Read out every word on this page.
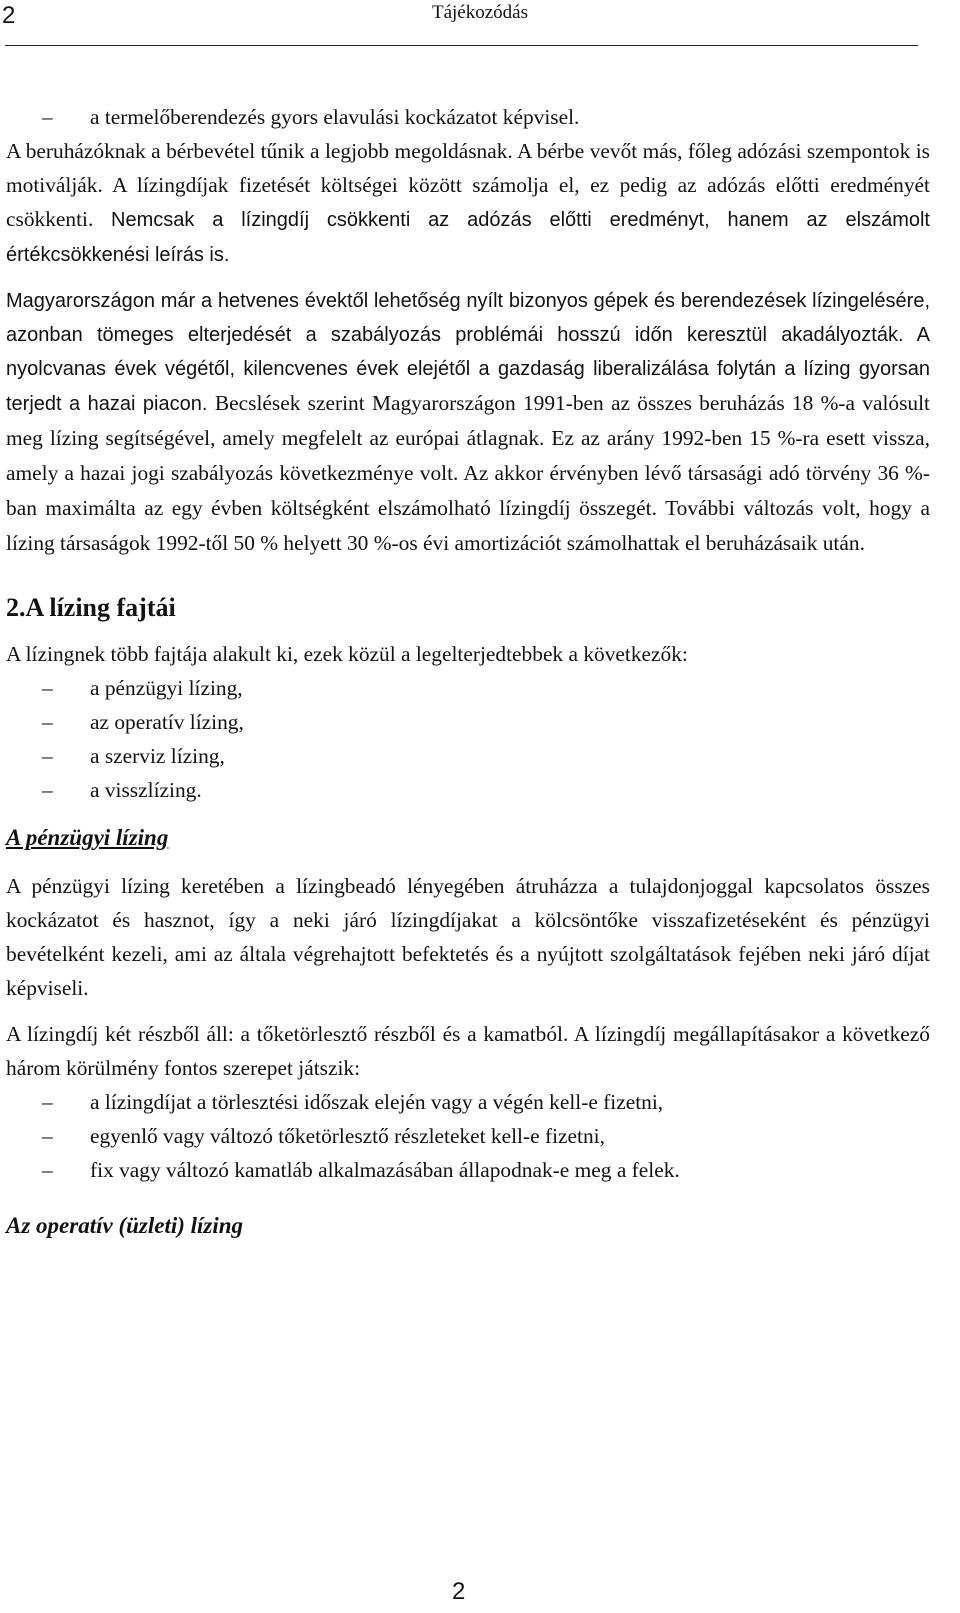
2	Tájékozódás
– a termelőberendezés gyors elavulási kockázatot képvisel.

A beruházóknak a bérbevétel tűnik a legjobb megoldásnak. A bérbe vevőt más, főleg adózási szempontok is motiválják. A lízingdíjak fizetését költségei között számolja el, ez pedig az adózás előtti eredményét csökkenti. Nemcsak a lízingdíj csökkenti az adózás előtti eredményt, hanem az elszámolt értékcsökkenési leírás is.

Magyarországon már a hetvenes évektől lehetőség nyílt bizonyos gépek és berendezések lízingelésére, azonban tömeges elterjedését a szabályozás problémái hosszú időn keresztül akadályozták. A nyolcvanas évek végétől, kilencvenes évek elejétől a gazdaság liberalizálása folytán a lízing gyorsan terjedt a hazai piacon. Becslések szerint Magyarországon 1991-ben az összes beruházás 18 %-a valósult meg lízing segítségével, amely megfelelt az európai átlagnak. Ez az arány 1992-ben 15 %-ra esett vissza, amely a hazai jogi szabályozás következménye volt. Az akkor érvényben lévő társasági adó törvény 36 %-ban maximálta az egy évben költségként elszámolható lízingdíj összegét. További változás volt, hogy a lízing társaságok 1992-től 50 % helyett 30 %-os évi amortizációt számolhattak el beruházásaik után.

2.A lízing fajtái

A lízingnek több fajtája alakult ki, ezek közül a legelterjedtebbek a következők:

– a pénzügyi lízing,
– az operatív lízing,
– a szerviz lízing,
– a visszlízing.
A pénzügyi lízing

A pénzügyi lízing keretében a lízingbeadó lényegében átruházza a tulajdonjoggal kapcsolatos összes kockázatot és hasznot, így a neki járó lízingdíjakat a kölcsöntőke visszafizetéseként és pénzügyi bevételként kezeli, ami az általa végrehajtott befektetés és a nyújtott szolgáltatások fejében neki járó díjat képviseli.

A lízingdíj két részből áll: a tőketörlesztő részből és a kamatból. A lízingdíj megállapításakor a következő három körülmény fontos szerepet játszik:

– a lízingdíjat a törlesztési időszak elején vagy a végén kell-e fizetni,
– egyenlő vagy változó tőketörlesztő részleteket kell-e fizetni,
– fix vagy változó kamatláb alkalmazásában állapodnak-e meg a felek.
Az operatív (üzleti) lízing
2
